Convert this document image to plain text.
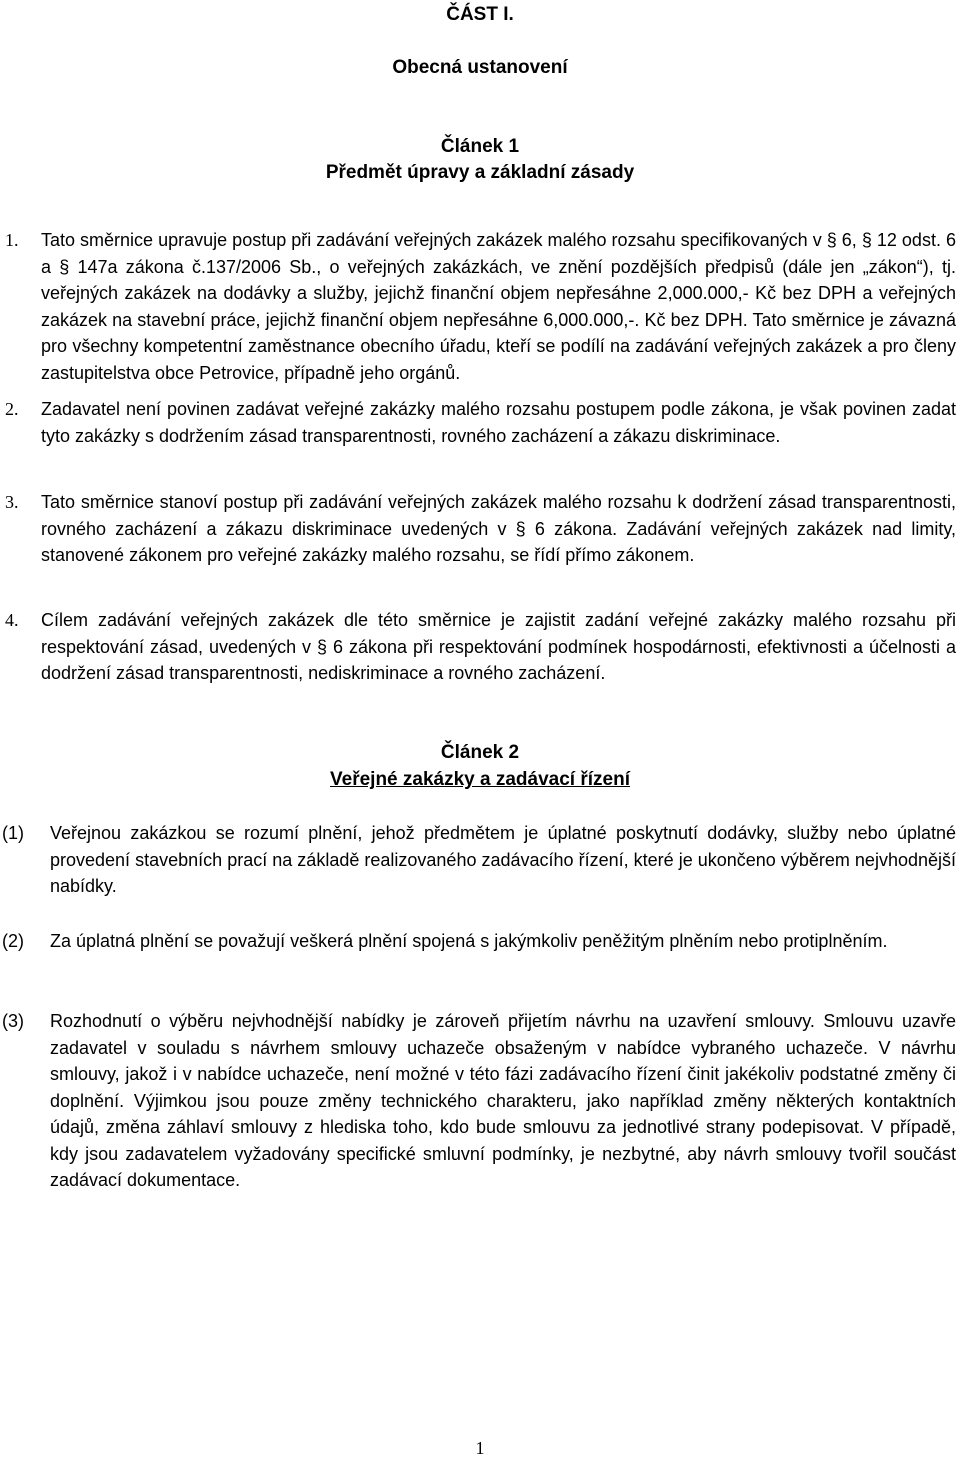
ČÁST I.
Obecná ustanovení
Článek 1
Předmět úpravy a základní zásady
1. Tato směrnice upravuje postup při zadávání veřejných zakázek malého rozsahu specifikovaných v § 6, § 12 odst. 6 a § 147a zákona č.137/2006 Sb., o veřejných zakázkách, ve znění pozdějších předpisů (dále jen „zákon“), tj. veřejných zakázek na dodávky a služby, jejichž finanční objem nepřesáhne 2,000.000,- Kč bez DPH a veřejných zakázek na stavební práce, jejichž finanční objem nepřesáhne 6,000.000,-. Kč bez DPH. Tato směrnice je závazná pro všechny kompetentní zaměstnance obecního úřadu, kteří se podílí na zadávání veřejných zakázek a pro členy zastupitelstva obce Petrovice, případně jeho orgánů.

2. Zadavatel není povinen zadávat veřejné zakázky malého rozsahu postupem podle zákona, je však povinen zadat tyto zakázky s dodržením zásad transparentnosti, rovného zacházení a zákazu diskriminace.

3. Tato směrnice stanoví postup při zadávání veřejných zakázek malého rozsahu k dodržení zásad transparentnosti, rovného zacházení a zákazu diskriminace uvedených v § 6 zákona. Zadávání veřejných zakázek nad limity, stanovené zákonem pro veřejné zakázky malého rozsahu, se řídí přímo zákonem.

4. Cílem zadávání veřejných zakázek dle této směrnice je zajistit zadání veřejné zakázky malého rozsahu při respektování zásad, uvedených v § 6 zákona při respektování podmínek hospodárnosti, efektivnosti a účelnosti a dodržení zásad transparentnosti, nediskriminace a rovného zacházení.

Článek 2
Veřejné zakázky a zadávací řízení
(1) Veřejnou zakázkou se rozumí plnění, jehož předmětem je úplatné poskytnutí dodávky, služby nebo úplatné provedení stavebních prací na základě realizovaného zadávacího řízení, které je ukončeno výběrem nejvhodnější nabídky.

(2) Za úplatná plnění se považují veškerá plnění spojená s jakýmkoliv peněžitým plněním nebo protiplněním.

(3) Rozhodnutí o výběru nejvhodnější nabídky je zároveň přijetím návrhu na uzavření smlouvy. Smlouvu uzavře zadavatel v souladu s návrhem smlouvy uchazeče obsaženým v nabídce vybraného uchazeče. V návrhu smlouvy, jakož i v nabídce uchazeče, není možné v této fázi zadávacího řízení činit jakékoliv podstatné změny či doplnění. Výjimkou jsou pouze změny technického charakteru, jako například změny některých kontaktních údajů, změna záhlaví smlouvy z hlediska toho, kdo bude smlouvu za jednotlivé strany podepisovat. V případě, kdy jsou zadavatelem vyžadovány specifické smluvní podmínky, je nezbytné, aby návrh smlouvy tvořil součást zadávací dokumentace.

1
